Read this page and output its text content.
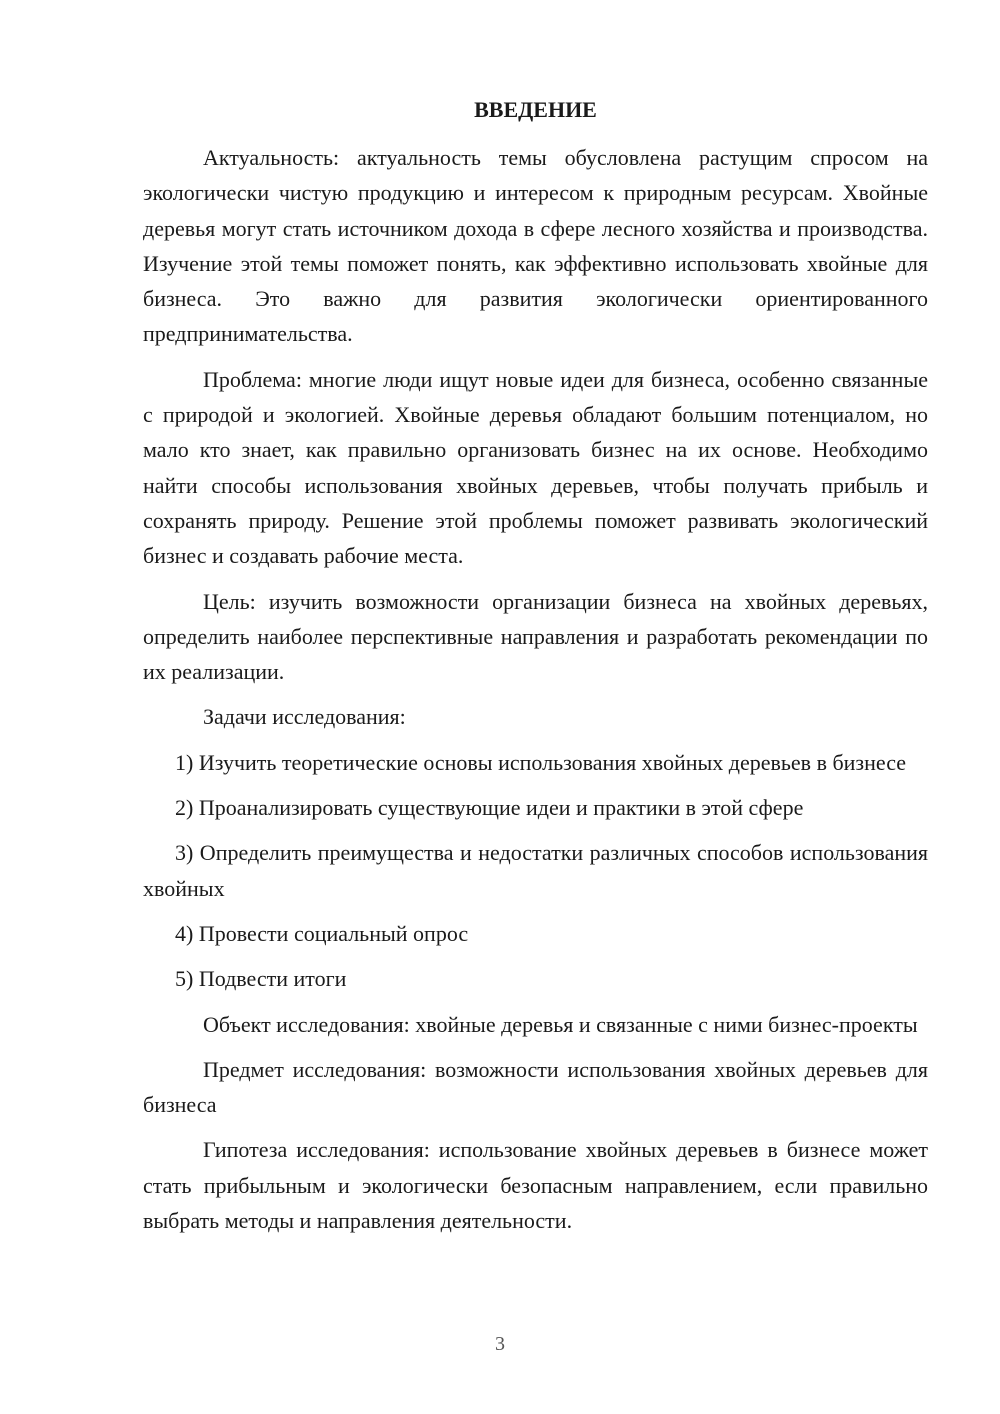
ВВЕДЕНИЕ

Актуальность: актуальность темы обусловлена растущим спросом на экологически чистую продукцию и интересом к природным ресурсам. Хвойные деревья могут стать источником дохода в сфере лесного хозяйства и производства. Изучение этой темы поможет понять, как эффективно использовать хвойные для бизнеса. Это важно для развития экологически ориентированного предпринимательства.

Проблема: многие люди ищут новые идеи для бизнеса, особенно связанные с природой и экологией. Хвойные деревья обладают большим потенциалом, но мало кто знает, как правильно организовать бизнес на их основе. Необходимо найти способы использования хвойных деревьев, чтобы получать прибыль и сохранять природу. Решение этой проблемы поможет развивать экологический бизнес и создавать рабочие места.

Цель: изучить возможности организации бизнеса на хвойных деревьях, определить наиболее перспективные направления и разработать рекомендации по их реализации.

Задачи исследования:

1) Изучить теоретические основы использования хвойных деревьев в бизнесе

2) Проанализировать существующие идеи и практики в этой сфере

3) Определить преимущества и недостатки различных способов использования хвойных

4) Провести социальный опрос

5) Подвести итоги

Объект исследования: хвойные деревья и связанные с ними бизнес-проекты

Предмет исследования: возможности использования хвойных деревьев для бизнеса

Гипотеза исследования: использование хвойных деревьев в бизнесе может стать прибыльным и экологически безопасным направлением, если правильно выбрать методы и направления деятельности.

3
